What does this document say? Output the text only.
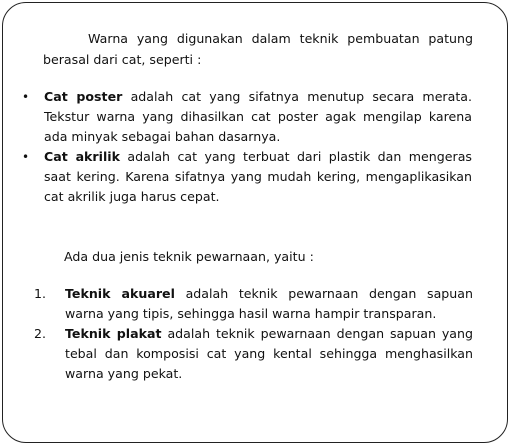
Warna yang digunakan dalam teknik pembuatan patung berasal dari cat, seperti :

• Cat poster adalah cat yang sifatnya menutup secara merata. Tekstur warna yang dihasilkan cat poster agak mengilap karena ada minyak sebagai bahan dasarnya.
• Cat akrilik adalah cat yang terbuat dari plastik dan mengeras saat kering. Karena sifatnya yang mudah kering, mengaplikasikan cat akrilik juga harus cepat.

Ada dua jenis teknik pewarnaan, yaitu :

1. Teknik akuarel adalah teknik pewarnaan dengan sapuan warna yang tipis, sehingga hasil warna hampir transparan.
2. Teknik plakat adalah teknik pewarnaan dengan sapuan yang tebal dan komposisi cat yang kental sehingga menghasilkan warna yang pekat.
